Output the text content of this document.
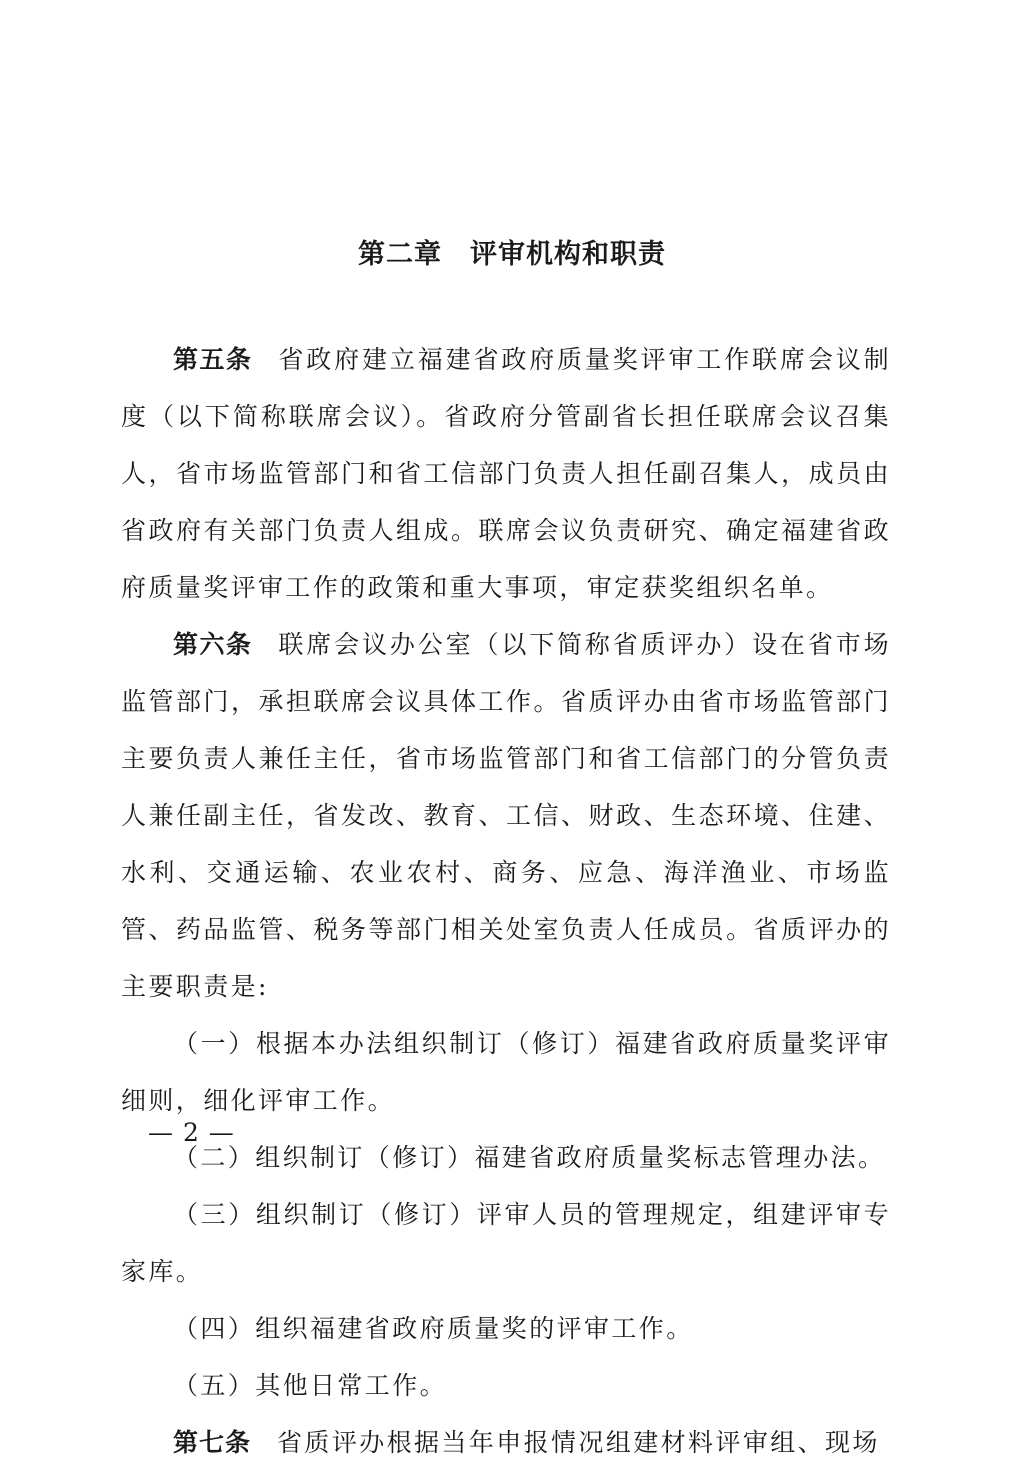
第二章　评审机构和职责

第五条 省政府建立福建省政府质量奖评审工作联席会议制度（以下简称联席会议）。省政府分管副省长担任联席会议召集人，省市场监管部门和省工信部门负责人担任副召集人，成员由省政府有关部门负责人组成。联席会议负责研究、确定福建省政府质量奖评审工作的政策和重大事项，审定获奖组织名单。

第六条 联席会议办公室（以下简称省质评办）设在省市场监管部门，承担联席会议具体工作。省质评办由省市场监管部门主要负责人兼任主任，省市场监管部门和省工信部门的分管负责人兼任副主任，省发改、教育、工信、财政、生态环境、住建、水利、交通运输、农业农村、商务、应急、海洋渔业、市场监管、药品监管、税务等部门相关处室负责人任成员。省质评办的主要职责是:

（一）根据本办法组织制订（修订）福建省政府质量奖评审细则，细化评审工作。

（二）组织制订（修订）福建省政府质量奖标志管理办法。

（三）组织制订（修订）评审人员的管理规定，组建评审专家库。

（四）组织福建省政府质量奖的评审工作。

（五）其他日常工作。

第七条 省质评办根据当年申报情况组建材料评审组、现场

— 2 —
